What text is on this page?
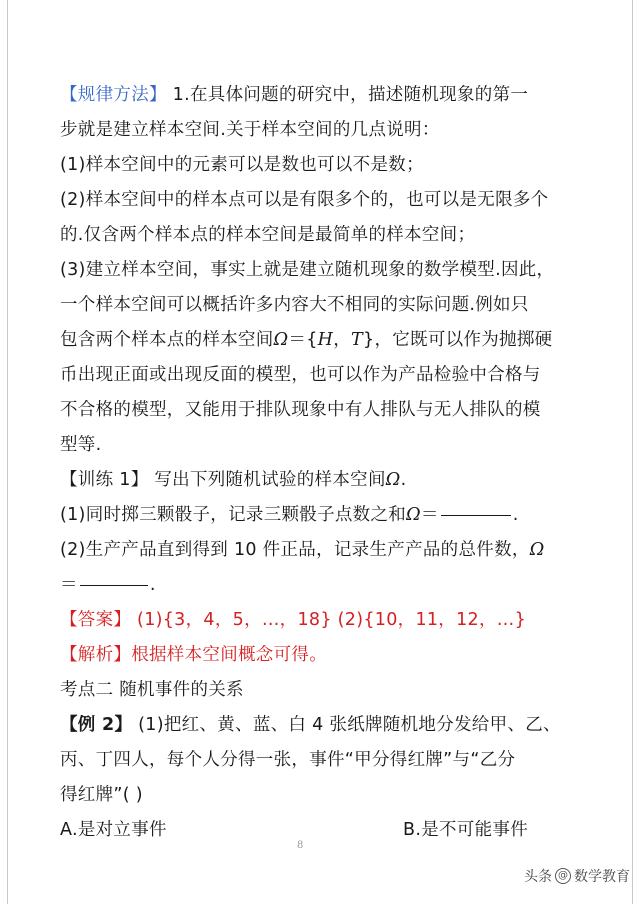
【规律方法】 1.在具体问题的研究中，描述随机现象的第一
步就是建立样本空间.关于样本空间的几点说明：
(1)样本空间中的元素可以是数也可以不是数；
(2)样本空间中的样本点可以是有限多个的，也可以是无限多个
的.仅含两个样本点的样本空间是最简单的样本空间；
(3)建立样本空间，事实上就是建立随机现象的数学模型.因此，
一个样本空间可以概括许多内容大不相同的实际问题.例如只
包含两个样本点的样本空间Ω＝{H，T}，它既可以作为抛掷硬
币出现正面或出现反面的模型，也可以作为产品检验中合格与
不合格的模型，又能用于排队现象中有人排队与无人排队的模
型等.
【训练 1】 写出下列随机试验的样本空间Ω.
(1)同时掷三颗骰子，记录三颗骰子点数之和Ω＝	.
(2)生产产品直到得到 10 件正品，记录生产产品的总件数，Ω
＝	.
【答案】 (1){3，4，5，…，18} (2){10，11，12，…}
【解析】根据样本空间概念可得。
考点二 随机事件的关系
【例 2】 (1)把红、黄、蓝、白 4 张纸牌随机地分发给甲、乙、
丙、丁四人，每个人分得一张，事件“甲分得红牌”与“乙分
得红牌”( )
A.是对立事件	B.是不可能事件
8
头条 @ 数学教育
